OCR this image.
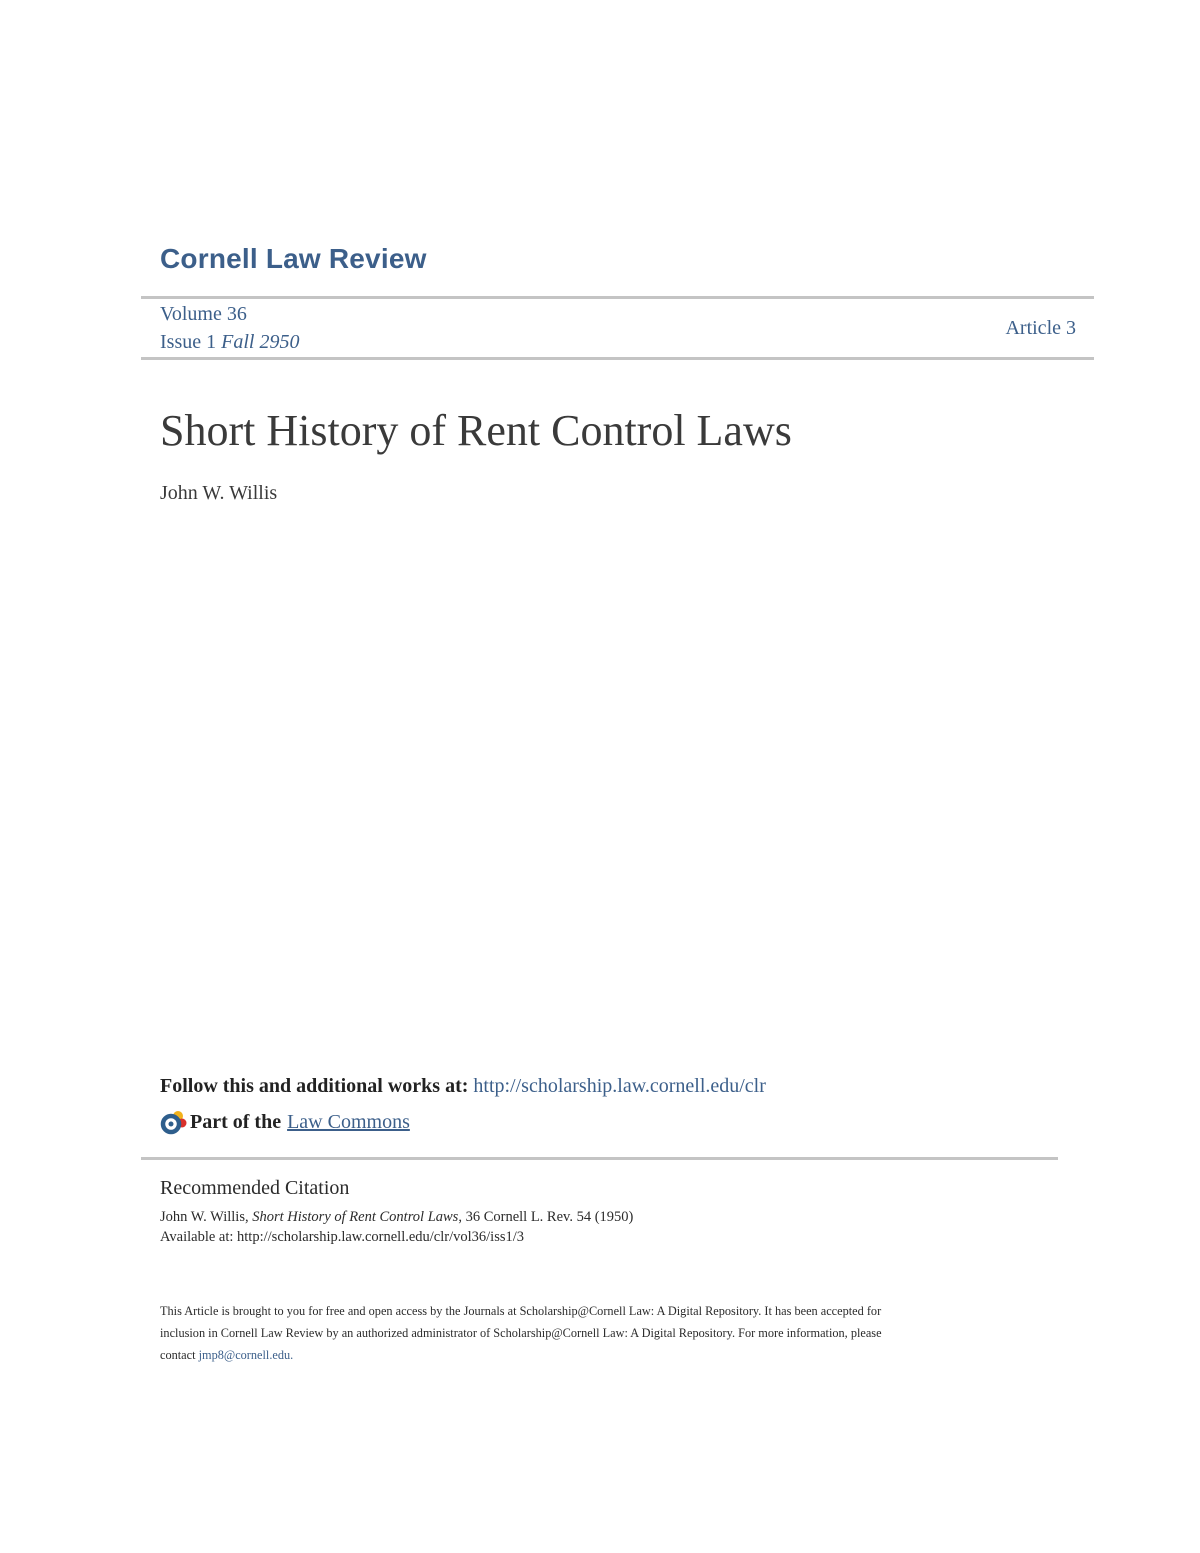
Cornell Law Review
Volume 36
Issue 1 Fall 2950
Article 3
Short History of Rent Control Laws
John W. Willis
Follow this and additional works at: http://scholarship.law.cornell.edu/clr
Part of the Law Commons
Recommended Citation
John W. Willis, Short History of Rent Control Laws, 36 Cornell L. Rev. 54 (1950)
Available at: http://scholarship.law.cornell.edu/clr/vol36/iss1/3
This Article is brought to you for free and open access by the Journals at Scholarship@Cornell Law: A Digital Repository. It has been accepted for
inclusion in Cornell Law Review by an authorized administrator of Scholarship@Cornell Law: A Digital Repository. For more information, please
contact jmp8@cornell.edu.
